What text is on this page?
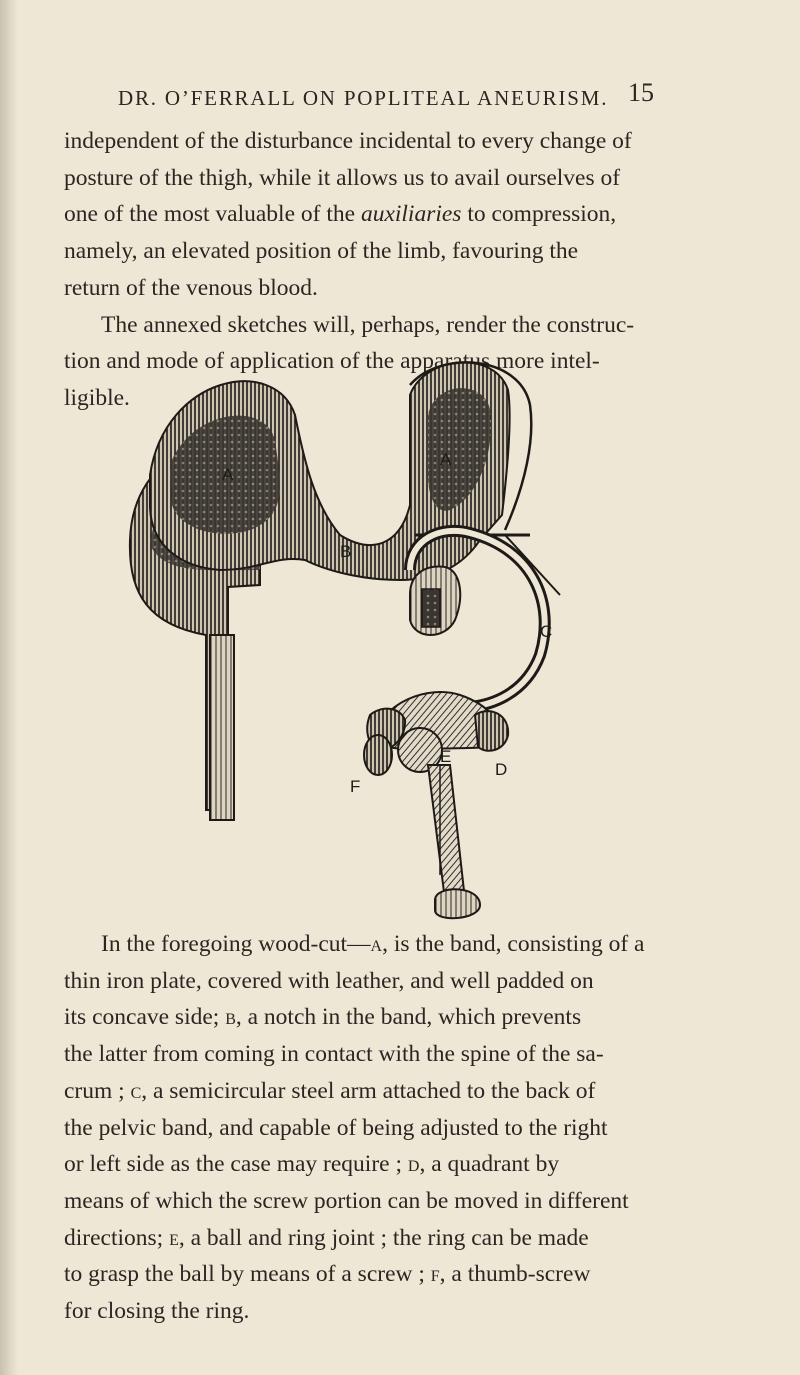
DR. O’FERRALL ON POPLITEAL ANEURISM. 15
independent of the disturbance incidental to every change of
posture of the thigh, while it allows us to avail ourselves of
one of the most valuable of the auxiliaries to compression,
namely, an elevated position of the limb, favouring the
return of the venous blood.
The annexed sketches will, perhaps, render the construc-
tion and mode of application of the apparatus more intel-
ligible.
A
A
B
C
D
E
F
In the foregoing wood-cut—a, is the band, consisting of a
thin iron plate, covered with leather, and well padded on
its concave side; b, a notch in the band, which prevents
the latter from coming in contact with the spine of the sa-
crum ; c, a semicircular steel arm attached to the back of
the pelvic band, and capable of being adjusted to the right
or left side as the case may require ; d, a quadrant by
means of which the screw portion can be moved in different
directions; e, a ball and ring joint ; the ring can be made
to grasp the ball by means of a screw ; f, a thumb-screw
for closing the ring.
